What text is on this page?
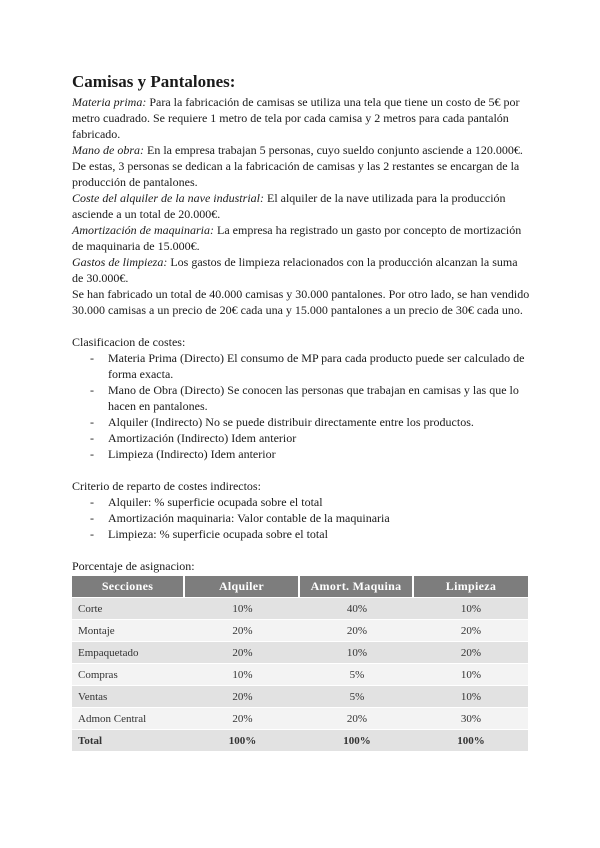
Camisas y Pantalones:

Materia prima: Para la fabricación de camisas se utiliza una tela que tiene un costo de 5€ por metro cuadrado. Se requiere 1 metro de tela por cada camisa y 2 metros para cada pantalón fabricado.

Mano de obra: En la empresa trabajan 5 personas, cuyo sueldo conjunto asciende a 120.000€. De estas, 3 personas se dedican a la fabricación de camisas y las 2 restantes se encargan de la producción de pantalones.

Coste del alquiler de la nave industrial: El alquiler de la nave utilizada para la producción asciende a un total de 20.000€.

Amortización de maquinaria: La empresa ha registrado un gasto por concepto de mortización de maquinaria de 15.000€.

Gastos de limpieza: Los gastos de limpieza relacionados con la producción alcanzan la suma de 30.000€.

Se han fabricado un total de 40.000 camisas y 30.000 pantalones. Por otro lado, se han vendido 30.000 camisas a un precio de 20€ cada una y 15.000 pantalones a un precio de 30€ cada uno.

Clasificacion de costes:

- Materia Prima (Directo) El consumo de MP para cada producto puede ser calculado de forma exacta.
- Mano de Obra (Directo) Se conocen las personas que trabajan en camisas y las que lo hacen en pantalones.
- Alquiler (Indirecto) No se puede distribuir directamente entre los productos.
- Amortización (Indirecto) Idem anterior
- Limpieza (Indirecto) Idem anterior

Criterio de reparto de costes indirectos:

- Alquiler: % superficie ocupada sobre el total
- Amortización maquinaria: Valor contable de la maquinaria
- Limpieza: % superficie ocupada sobre el total

Porcentaje de asignacion:

Secciones	Alquiler	Amort. Maquina	Limpieza
Corte	10%	40%	10%
Montaje	20%	20%	20%
Empaquetado	20%	10%	20%
Compras	10%	5%	10%
Ventas	20%	5%	10%
Admon Central	20%	20%	30%
Total	100%	100%	100%
